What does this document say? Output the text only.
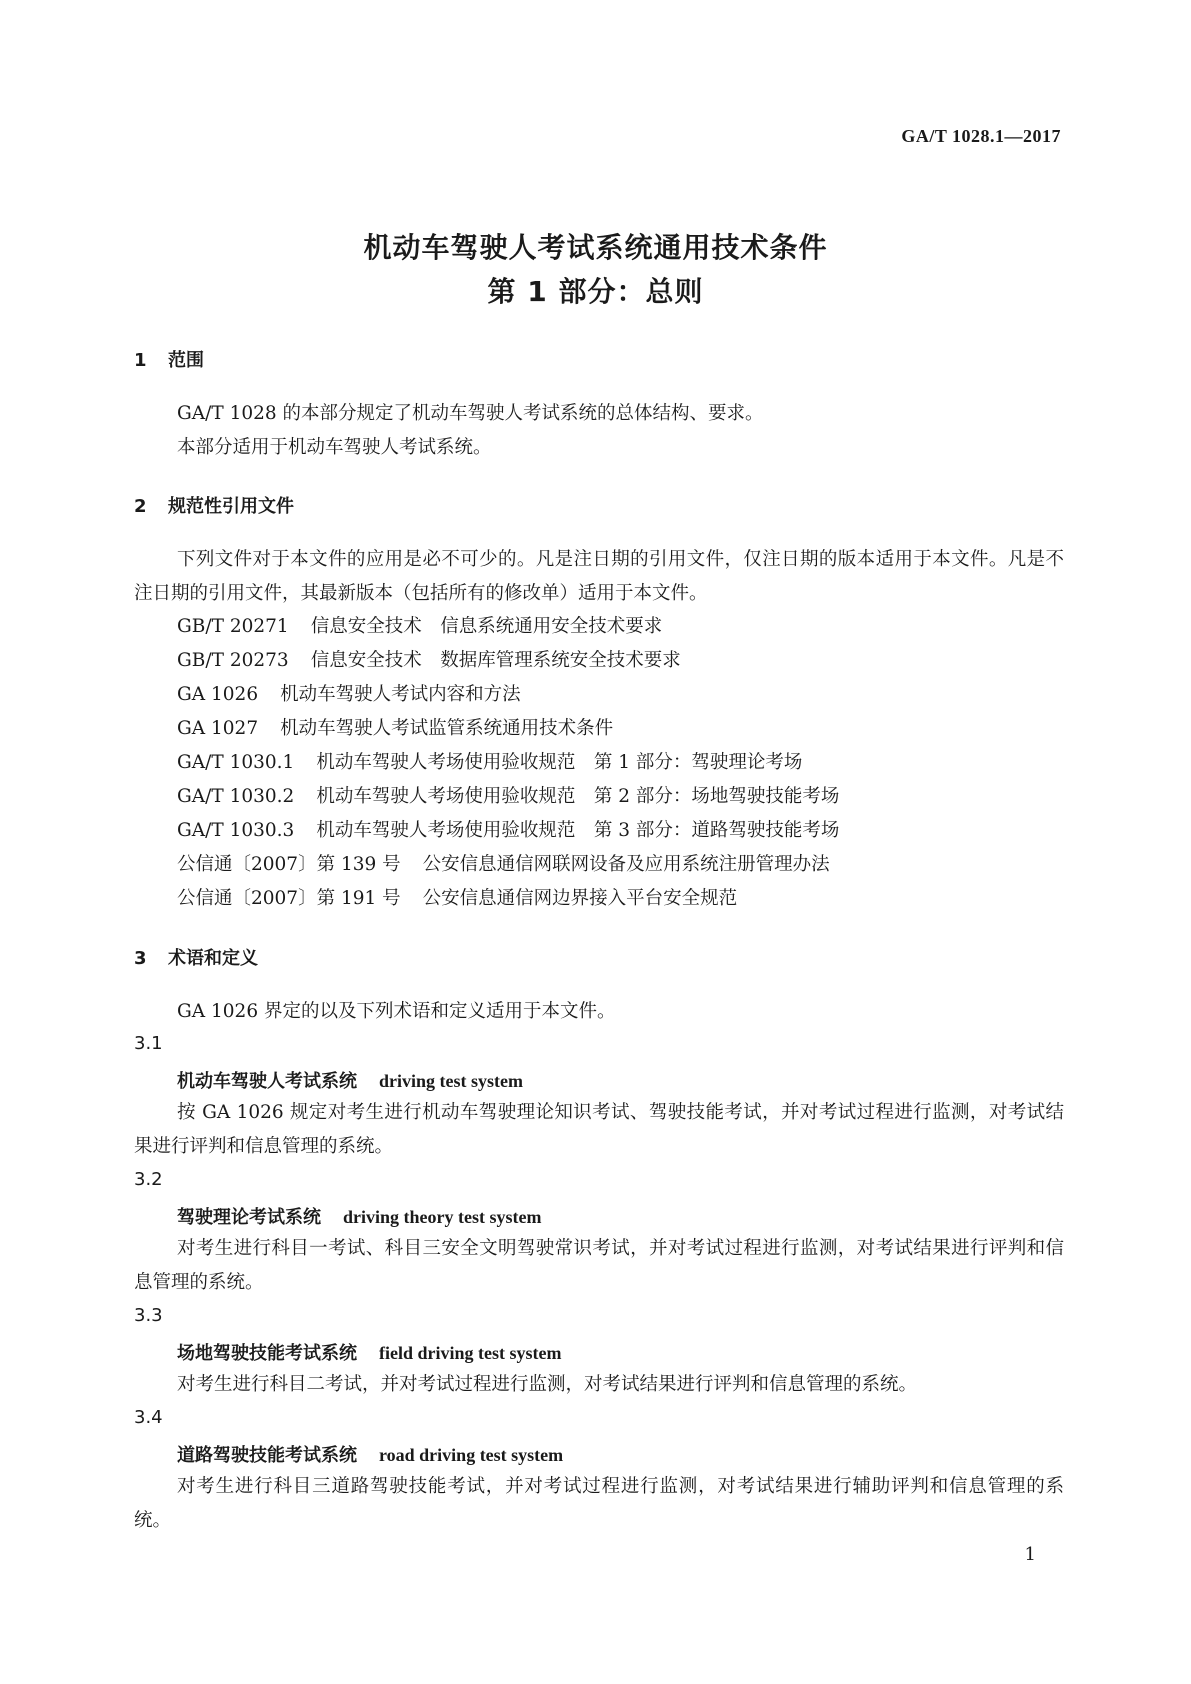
GA/T 1028.1—2017
机动车驾驶人考试系统通用技术条件
第 1 部分：总则
1 范围
GA/T 1028 的本部分规定了机动车驾驶人考试系统的总体结构、要求。
本部分适用于机动车驾驶人考试系统。
2 规范性引用文件
下列文件对于本文件的应用是必不可少的。凡是注日期的引用文件，仅注日期的版本适用于本文件。凡是不注日期的引用文件，其最新版本（包括所有的修改单）适用于本文件。
GB/T 20271 信息安全技术　信息系统通用安全技术要求
GB/T 20273 信息安全技术　数据库管理系统安全技术要求
GA 1026 机动车驾驶人考试内容和方法
GA 1027 机动车驾驶人考试监管系统通用技术条件
GA/T 1030.1 机动车驾驶人考场使用验收规范　第 1 部分：驾驶理论考场
GA/T 1030.2 机动车驾驶人考场使用验收规范　第 2 部分：场地驾驶技能考场
GA/T 1030.3 机动车驾驶人考场使用验收规范　第 3 部分：道路驾驶技能考场
公信通〔2007〕第 139 号 公安信息通信网联网设备及应用系统注册管理办法
公信通〔2007〕第 191 号 公安信息通信网边界接入平台安全规范
3 术语和定义
GA 1026 界定的以及下列术语和定义适用于本文件。
3.1
机动车驾驶人考试系统 driving test system
按 GA 1026 规定对考生进行机动车驾驶理论知识考试、驾驶技能考试，并对考试过程进行监测，对考试结果进行评判和信息管理的系统。
3.2
驾驶理论考试系统 driving theory test system
对考生进行科目一考试、科目三安全文明驾驶常识考试，并对考试过程进行监测，对考试结果进行评判和信息管理的系统。
3.3
场地驾驶技能考试系统 field driving test system
对考生进行科目二考试，并对考试过程进行监测，对考试结果进行评判和信息管理的系统。
3.4
道路驾驶技能考试系统 road driving test system
对考生进行科目三道路驾驶技能考试，并对考试过程进行监测，对考试结果进行辅助评判和信息管理的系统。
1
